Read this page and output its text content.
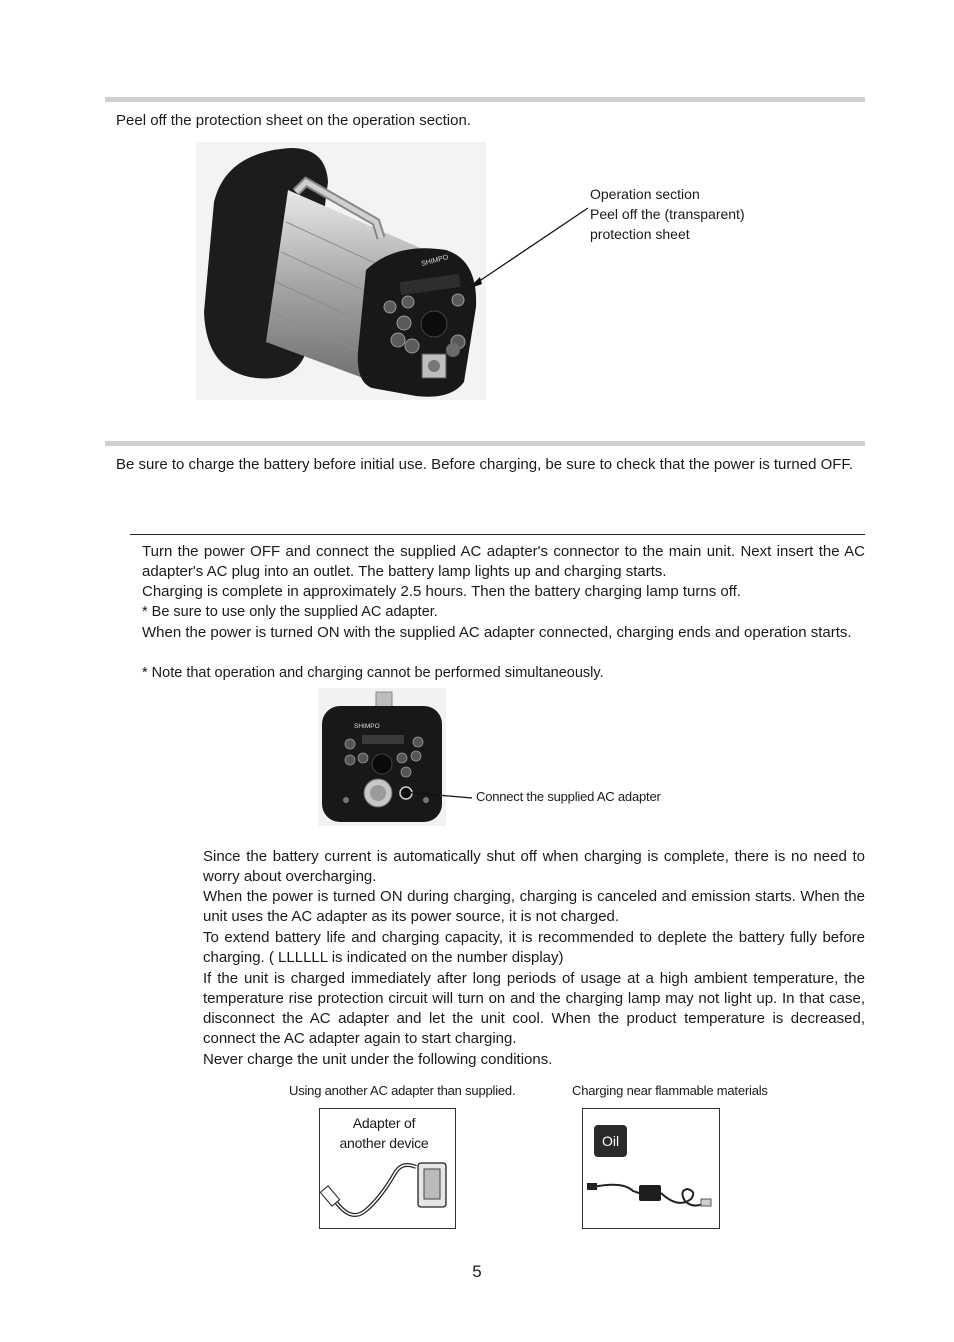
Peel off the protection sheet on the operation section.

SHIMPO
Operation section
Peel off the (transparent)
protection sheet

Be sure to charge the battery before initial use. Before charging, be sure to check that the power is turned OFF.

Turn the power OFF and connect the supplied AC adapter's connector to the main unit. Next insert the AC adapter's AC plug into an outlet. The battery lamp lights up and charging starts.

Charging is complete in approximately 2.5 hours. Then the battery charging lamp turns off.

* Be sure to use only the supplied AC adapter.

When the power is turned ON with the supplied AC adapter connected, charging ends and operation starts.

* Note that operation and charging cannot be performed simultaneously.

SHIMPO
Connect the supplied AC adapter

Since the battery current is automatically shut off when charging is complete, there is no need to worry about overcharging.

When the power is turned ON during charging, charging is canceled and emission starts. When the unit uses the AC adapter as its power source, it is not charged.

To extend battery life and charging capacity, it is recommended to deplete the battery fully before charging. ( LLLLLL is indicated on the number display)

If the unit is charged immediately after long periods of usage at a high ambient temperature, the temperature rise protection circuit will turn on and the charging lamp may not light up. In that case, disconnect the AC adapter and let the unit cool. When the product temperature is decreased, connect the AC adapter again to start charging.

Never charge the unit under the following conditions.

Using another AC adapter than supplied.	Charging near flammable materials
Adapter of
another device	Oil
5
